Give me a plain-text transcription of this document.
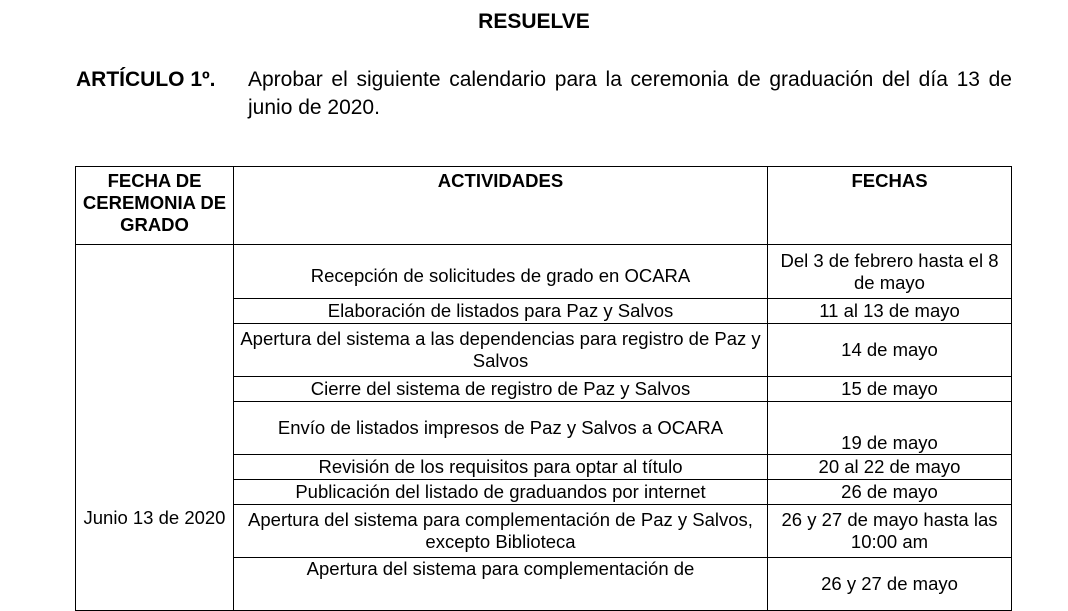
RESUELVE
ARTÍCULO 1º. Aprobar el siguiente calendario para la ceremonia de graduación del día 13 de junio de 2020.
FECHA DE CEREMONIA DE GRADO	ACTIVIDADES	FECHAS
Junio 13 de 2020	Recepción de solicitudes de grado en OCARA	Del 3 de febrero hasta el 8 de mayo
	Elaboración de listados para Paz y Salvos	11 al 13 de mayo
	Apertura del sistema a las dependencias para registro de Paz y Salvos	14 de mayo
	Cierre del sistema de registro de Paz y Salvos	15 de mayo
	Envío de listados impresos de Paz y Salvos a OCARA	19 de mayo
	Revisión de los requisitos para optar al título	20 al 22 de mayo
	Publicación del listado de graduandos por internet	26 de mayo
	Apertura del sistema para complementación de Paz y Salvos, excepto Biblioteca	26 y 27 de mayo hasta las 10:00 am
	Apertura del sistema para complementación de	26 y 27 de mayo
